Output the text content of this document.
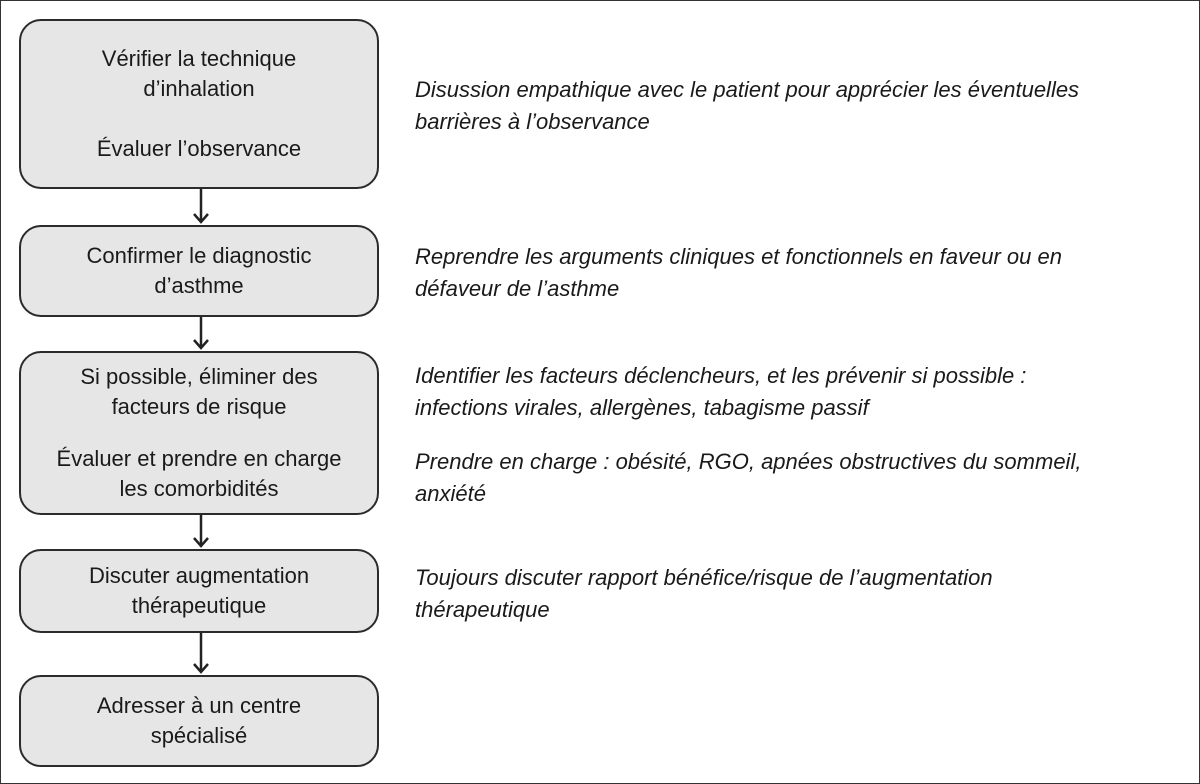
Vérifier la technique
d’inhalation
Évaluer l’observance
Confirmer le diagnostic
d’asthme
Si possible, éliminer des
facteurs de risque
Évaluer et prendre en charge
les comorbidités
Discuter augmentation
thérapeutique
Adresser à un centre
spécialisé
Disussion empathique avec le patient pour apprécier les éventuelles
barrières à l’observance
Reprendre les arguments cliniques et fonctionnels en faveur ou en
défaveur de l’asthme
Identifier les facteurs déclencheurs, et les prévenir si possible :
infections virales, allergènes, tabagisme passif
Prendre en charge : obésité, RGO, apnées obstructives du sommeil,
anxiété
Toujours discuter rapport bénéfice/risque de l’augmentation
thérapeutique
